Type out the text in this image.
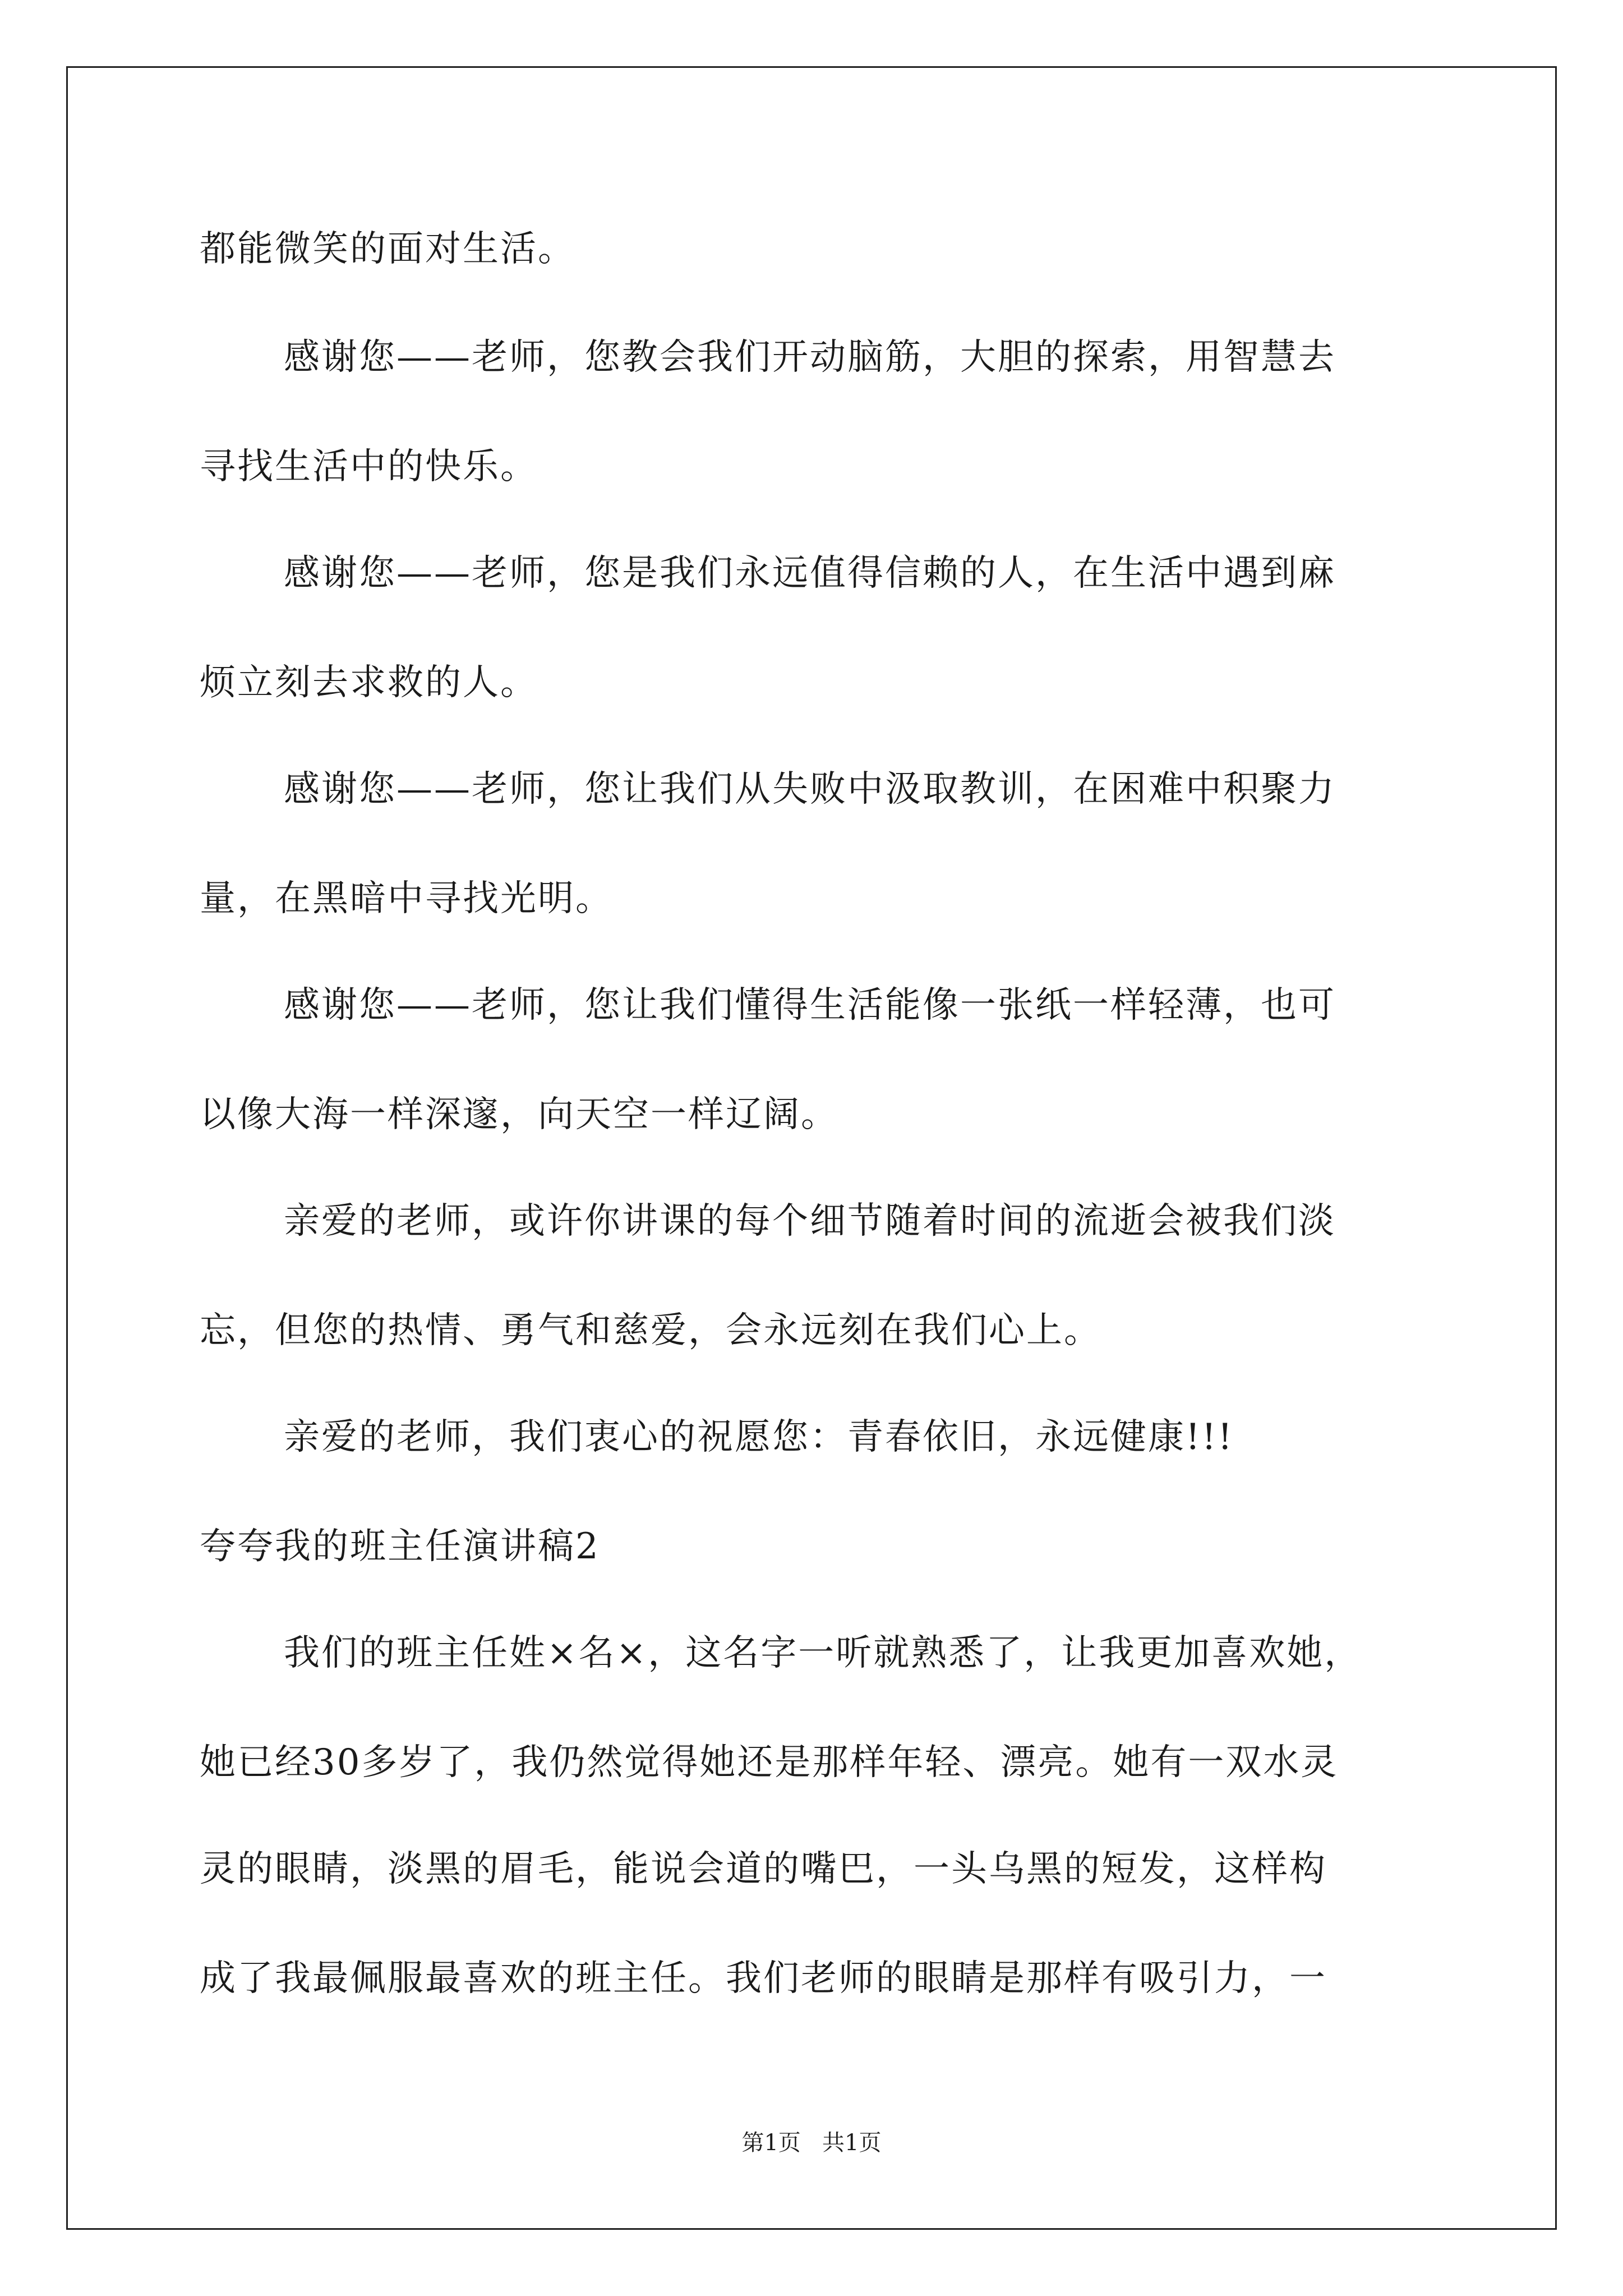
都能微笑的面对生活。
感谢您——老师，您教会我们开动脑筋，大胆的探索，用智慧去
寻找生活中的快乐。
感谢您——老师，您是我们永远值得信赖的人，在生活中遇到麻
烦立刻去求救的人。
感谢您——老师，您让我们从失败中汲取教训，在困难中积聚力
量，在黑暗中寻找光明。
感谢您——老师，您让我们懂得生活能像一张纸一样轻薄，也可
以像大海一样深邃，向天空一样辽阔。
亲爱的老师，或许你讲课的每个细节随着时间的流逝会被我们淡
忘，但您的热情、勇气和慈爱，会永远刻在我们心上。
亲爱的老师，我们衷心的祝愿您：青春依旧，永远健康!!!
夸夸我的班主任演讲稿2
我们的班主任姓×名×，这名字一听就熟悉了，让我更加喜欢她，
她已经30多岁了，我仍然觉得她还是那样年轻、漂亮。她有一双水灵
灵的眼睛，淡黑的眉毛，能说会道的嘴巴，一头乌黑的短发，这样构
成了我最佩服最喜欢的班主任。我们老师的眼睛是那样有吸引力，一
第1页   共1页
